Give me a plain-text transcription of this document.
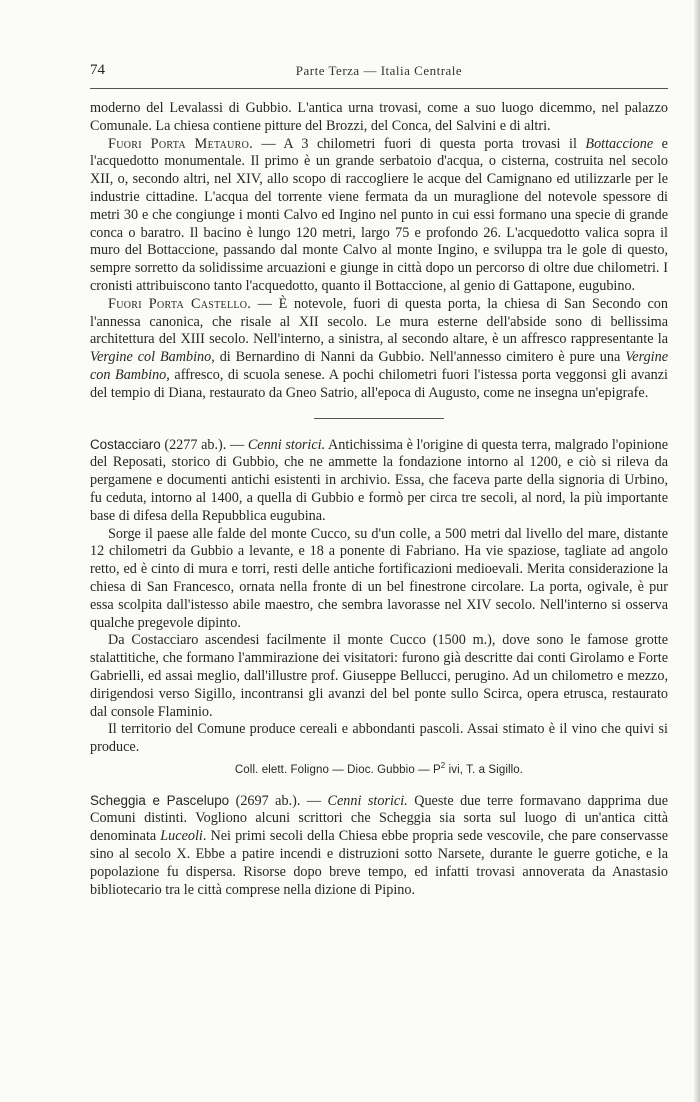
74	Parte Terza — Italia Centrale

moderno del Levalassi di Gubbio. L'antica urna trovasi, come a suo luogo dicemmo, nel palazzo Comunale. La chiesa contiene pitture del Brozzi, del Conca, del Salvini e di altri.

Fuori Porta Metauro. — A 3 chilometri fuori di questa porta trovasi il Bottaccione e l'acquedotto monumentale. Il primo è un grande serbatoio d'acqua, o cisterna, costruita nel secolo XII, o, secondo altri, nel XIV, allo scopo di raccogliere le acque del Camignano ed utilizzarle per le industrie cittadine. L'acqua del torrente viene fermata da un muraglione del notevole spessore di metri 30 e che congiunge i monti Calvo ed Ingino nel punto in cui essi formano una specie di grande conca o baratro. Il bacino è lungo 120 metri, largo 75 e profondo 26. L'acquedotto valica sopra il muro del Bottaccione, passando dal monte Calvo al monte Ingino, e sviluppa tra le gole di questo, sempre sorretto da solidissime arcuazioni e giunge in città dopo un percorso di oltre due chilometri. I cronisti attribuiscono tanto l'acquedotto, quanto il Bottaccione, al genio di Gattapone, eugubino.

Fuori Porta Castello. — È notevole, fuori di questa porta, la chiesa di San Secondo con l'annessa canonica, che risale al XII secolo. Le mura esterne dell'abside sono di bellissima architettura del XIII secolo. Nell'interno, a sinistra, al secondo altare, è un affresco rappresentante la Vergine col Bambino, di Bernardino di Nanni da Gubbio. Nell'annesso cimitero è pure una Vergine con Bambino, affresco, di scuola senese. A pochi chilometri fuori l'istessa porta veggonsi gli avanzi del tempio di Diana, restaurato da Gneo Satrio, all'epoca di Augusto, come ne insegna un'epigrafe.

Costacciaro (2277 ab.). — Cenni storici. Antichissima è l'origine di questa terra, malgrado l'opinione del Reposati, storico di Gubbio, che ne ammette la fondazione intorno al 1200, e ciò si rileva da pergamene e documenti antichi esistenti in archivio. Essa, che faceva parte della signoria di Urbino, fu ceduta, intorno al 1400, a quella di Gubbio e formò per circa tre secoli, al nord, la più importante base di difesa della Repubblica eugubina.

Sorge il paese alle falde del monte Cucco, su d'un colle, a 500 metri dal livello del mare, distante 12 chilometri da Gubbio a levante, e 18 a ponente di Fabriano. Ha vie spaziose, tagliate ad angolo retto, ed è cinto di mura e torri, resti delle antiche fortificazioni medioevali. Merita considerazione la chiesa di San Francesco, ornata nella fronte di un bel finestrone circolare. La porta, ogivale, è pur essa scolpita dall'istesso abile maestro, che sembra lavorasse nel XIV secolo. Nell'interno si osserva qualche pregevole dipinto.

Da Costacciaro ascendesi facilmente il monte Cucco (1500 m.), dove sono le famose grotte stalattitiche, che formano l'ammirazione dei visitatori: furono già descritte dai conti Girolamo e Forte Gabrielli, ed assai meglio, dall'illustre prof. Giuseppe Bellucci, perugino. Ad un chilometro e mezzo, dirigendosi verso Sigillo, incontransi gli avanzi del bel ponte sullo Scirca, opera etrusca, restaurato dal console Flaminio.

Il territorio del Comune produce cereali e abbondanti pascoli. Assai stimato è il vino che quivi si produce.

Coll. elett. Foligno — Dioc. Gubbio — $P^2$ ivi, T. a Sigillo.

Scheggia e Pascelupo (2697 ab.). — Cenni storici. Queste due terre formavano dapprima due Comuni distinti. Vogliono alcuni scrittori che Scheggia sia sorta sul luogo di un'antica città denominata Luceoli. Nei primi secoli della Chiesa ebbe propria sede vescovile, che pare conservasse sino al secolo X. Ebbe a patire incendi e distruzioni sotto Narsete, durante le guerre gotiche, e la popolazione fu dispersa. Risorse dopo breve tempo, ed infatti trovasi annoverata da Anastasio bibliotecario tra le città comprese nella dizione di Pipino.
